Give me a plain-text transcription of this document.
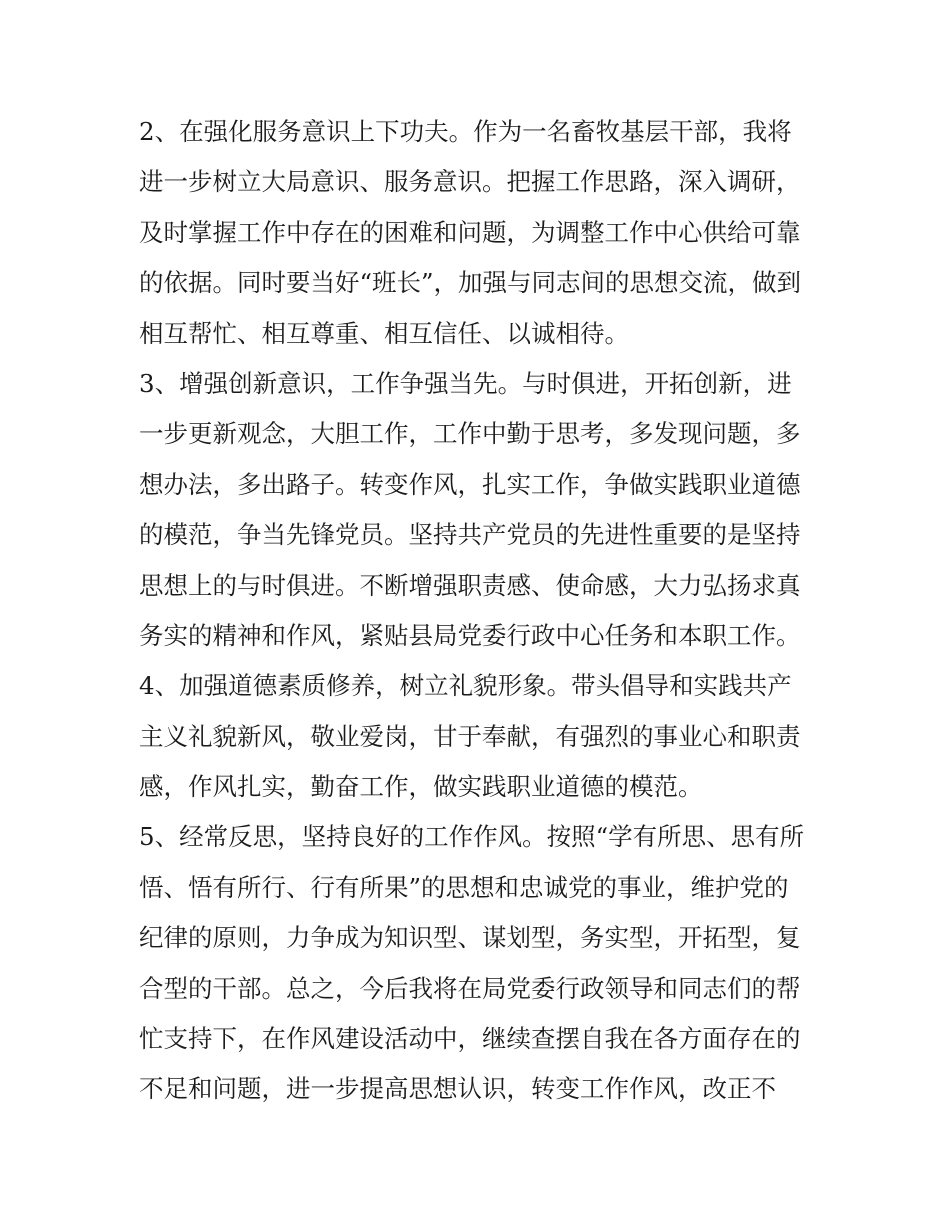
2、在强化服务意识上下功夫。作为一名畜牧基层干部，我将
进一步树立大局意识、服务意识。把握工作思路，深入调研，
及时掌握工作中存在的困难和问题，为调整工作中心供给可靠
的依据。同时要当好“班长”，加强与同志间的思想交流，做到
相互帮忙、相互尊重、相互信任、以诚相待。
3、增强创新意识，工作争强当先。与时俱进，开拓创新，进
一步更新观念，大胆工作，工作中勤于思考，多发现问题，多
想办法，多出路子。转变作风，扎实工作，争做实践职业道德
的模范，争当先锋党员。坚持共产党员的先进性重要的是坚持
思想上的与时俱进。不断增强职责感、使命感，大力弘扬求真
务实的精神和作风，紧贴县局党委行政中心任务和本职工作。
4、加强道德素质修养，树立礼貌形象。带头倡导和实践共产
主义礼貌新风，敬业爱岗，甘于奉献，有强烈的事业心和职责
感，作风扎实，勤奋工作，做实践职业道德的模范。
5、经常反思，坚持良好的工作作风。按照“学有所思、思有所
悟、悟有所行、行有所果”的思想和忠诚党的事业，维护党的
纪律的原则，力争成为知识型、谋划型，务实型，开拓型，复
合型的干部。总之，今后我将在局党委行政领导和同志们的帮
忙支持下，在作风建设活动中，继续查摆自我在各方面存在的
不足和问题，进一步提高思想认识，转变工作作风，改正不
